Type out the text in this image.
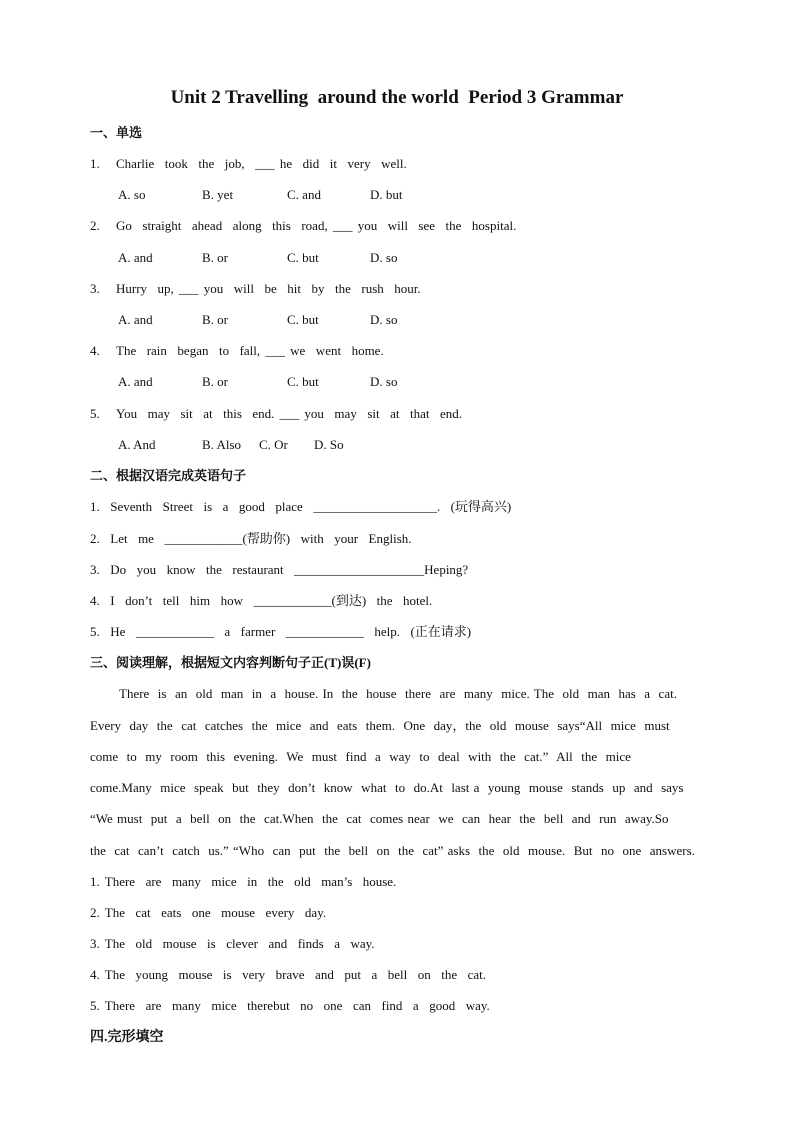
Unit 2 Travelling  around the world  Period 3 Grammar
一、单选
1. Charlie  took  the  job,  ___ he  did  it  very  well.
A. so	B. yet	C. and	D. but
2. Go  straight  ahead  along  this  road, ___ you  will  see  the  hospital.
A. and	B. or	C. but	D. so
3. Hurry  up, ___ you  will  be  hit  by  the  rush  hour.
A. and	B. or	C. but	D. so
4. The  rain  began  to  fall, ___ we  went  home.
A. and	B. or	C. but	D. so
5. You  may  sit  at  this  end. ___ you  may  sit  at  that  end.
A. And	B. Also C. Or D. So
二、根据汉语完成英语句子
1.  Seventh  Street  is  a  good  place  ___________________.  (玩得高兴)
2.  Let  me  ____________(帮助你)  with  your  English.
3.  Do  you  know  the  restaurant  ____________________Heping?
4.  I  don’t  tell  him  how  ____________(到达)  the  hotel.
5.  He  ____________  a  farmer  ____________  help.  (正在请求)
三、阅读理解，根据短文内容判断句子正(T)误(F)
There  is  an  old  man  in  a  house. In  the  house  there  are  many  mice. The  old  man  has  a  cat.
Every  day  the  cat  catches  the  mice  and  eats  them.  One  day，the  old  mouse  says“All  mice  must
come  to  my  room  this  evening.  We  must  find  a  way  to  deal  with  the  cat.”  All  the  mice
come.Many  mice  speak  but  they  don’t  know  what  to  do.At  last a  young  mouse  stands  up  and  says
“We must  put  a  bell  on  the  cat.When  the  cat  comes near  we  can  hear  the  bell  and  run  away.So
the  cat  can’t  catch  us.” “Who  can  put  the  bell  on  the  cat” asks  the  old  mouse.  But  no  one  answers.
1. There  are  many  mice  in  the  old  man’s  house.
2. The  cat  eats  one  mouse  every  day.
3. The  old  mouse  is  clever  and  finds  a  way.
4. The  young  mouse  is  very  brave  and  put  a  bell  on  the  cat.
5. There  are  many  mice  therebut  no  one  can  find  a  good  way.
四.完形填空
